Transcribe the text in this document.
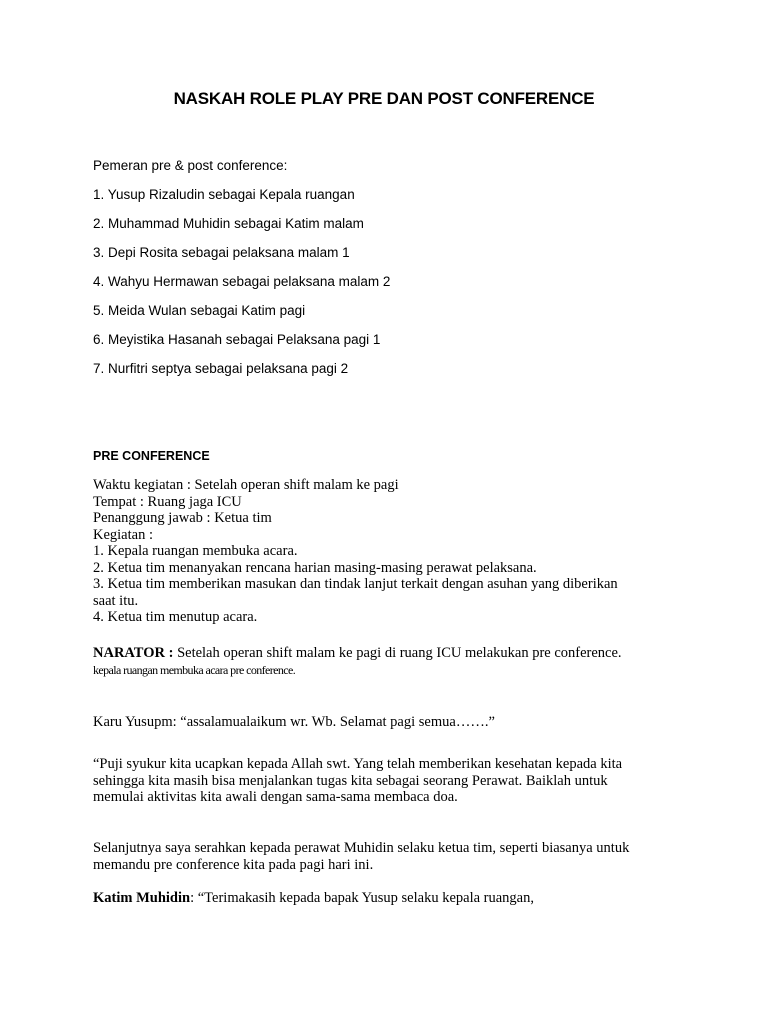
NASKAH ROLE PLAY PRE DAN POST CONFERENCE
Pemeran pre & post conference:
1. Yusup Rizaludin sebagai Kepala ruangan
2. Muhammad Muhidin sebagai Katim malam
3. Depi Rosita sebagai pelaksana malam 1
4. Wahyu Hermawan sebagai pelaksana malam 2
5. Meida Wulan sebagai Katim pagi
6. Meyistika Hasanah sebagai Pelaksana pagi 1
7. Nurfitri septya sebagai pelaksana pagi 2
PRE CONFERENCE
Waktu kegiatan : Setelah operan shift malam ke pagi
Tempat : Ruang jaga ICU
Penanggung jawab : Ketua tim
Kegiatan :
1. Kepala ruangan membuka acara.
2. Ketua tim menanyakan rencana harian masing-masing perawat pelaksana.
3. Ketua tim memberikan masukan dan tindak lanjut terkait dengan asuhan yang diberikan
saat itu.
4. Ketua tim menutup acara.
NARATOR : Setelah operan shift malam ke pagi di ruang ICU melakukan pre conference.
kepala ruangan membuka acara pre conference.
Karu Yusupm: “assalamualaikum wr. Wb. Selamat pagi semua…….”
“Puji syukur kita ucapkan kepada Allah swt. Yang telah memberikan kesehatan kepada kita
sehingga kita masih bisa menjalankan tugas kita sebagai seorang Perawat. Baiklah untuk
memulai aktivitas kita awali dengan sama-sama membaca doa.
Selanjutnya saya serahkan kepada perawat Muhidin selaku ketua tim, seperti biasanya untuk
memandu pre conference kita pada pagi hari ini.
Katim Muhidin: “Terimakasih kepada bapak Yusup selaku kepala ruangan,
